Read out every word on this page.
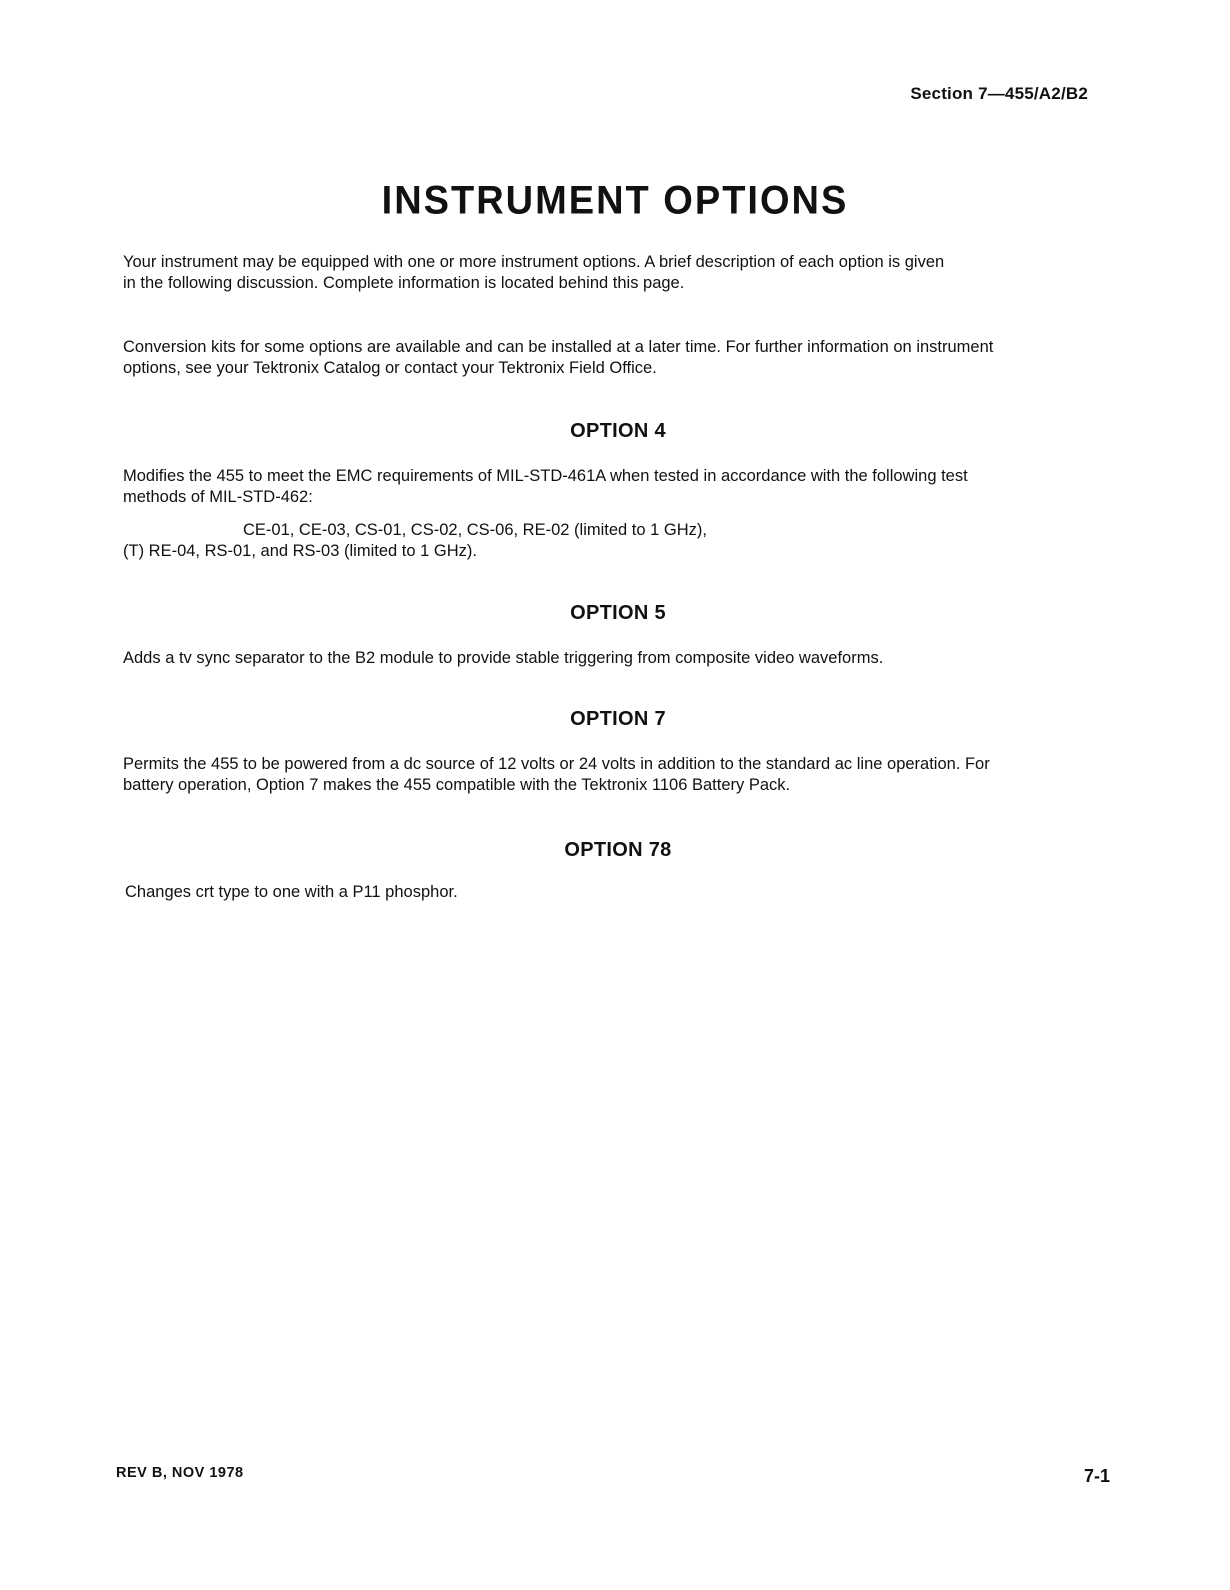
Section 7—455/A2/B2
INSTRUMENT OPTIONS
Your instrument may be equipped with one or more instrument options. A brief description of each option is given
in the following discussion. Complete information is located behind this page.
Conversion kits for some options are available and can be installed at a later time. For further information on instrument
options, see your Tektronix Catalog or contact your Tektronix Field Office.
OPTION 4
Modifies the 455 to meet the EMC requirements of MIL-STD-461A when tested in accordance with the following test
methods of MIL-STD-462:
CE-01, CE-03, CS-01, CS-02, CS-06, RE-02 (limited to 1 GHz),
(T) RE-04, RS-01, and RS-03 (limited to 1 GHz).
OPTION 5
Adds a tv sync separator to the B2 module to provide stable triggering from composite video waveforms.
OPTION 7
Permits the 455 to be powered from a dc source of 12 volts or 24 volts in addition to the standard ac line operation. For
battery operation, Option 7 makes the 455 compatible with the Tektronix 1106 Battery Pack.
OPTION 78
Changes crt type to one with a P11 phosphor.
REV B, NOV 1978	7-1
